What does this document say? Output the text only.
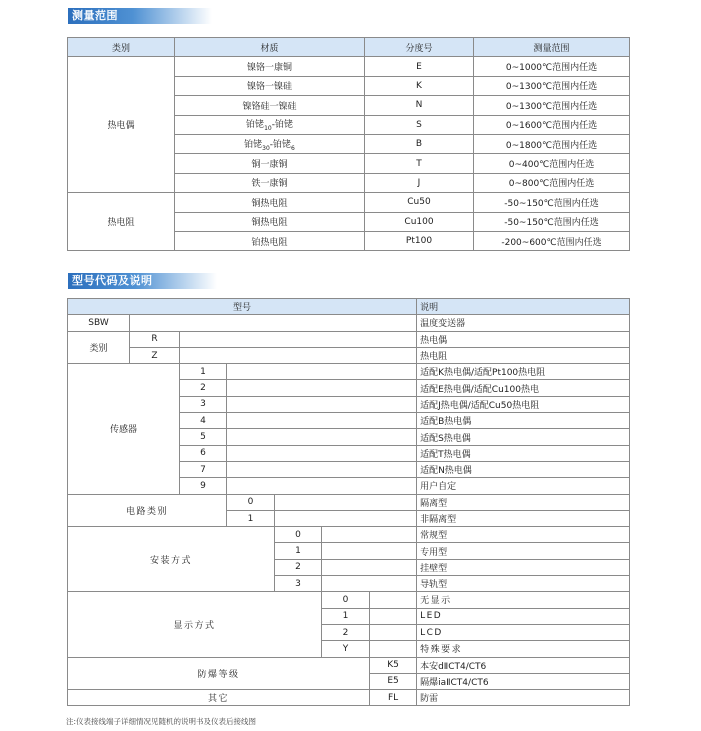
测量范围
类别	材质	分度号	测量范围
热电偶	镍铬一康铜	E	0~1000℃范围内任选
	镍铬一镍硅	K	0~1300℃范围内任选
	镍铬硅一镍硅	N	0~1300℃范围内任选
	铂铑$_{10}$-铂铑	S	0~1600℃范围内任选
	铂铑$_{30}$-铂铑$_6$	B	0~1800℃范围内任选
	铜一康铜	T	0~400℃范围内任选
	铁一康铜	J	0~800℃范围内任选
热电阻	铜热电阻	Cu50	-50~150℃范围内任选
	铜热电阻	Cu100	-50~150℃范围内任选
	铂热电阻	Pt100	-200~600℃范围内任选
型号代码及说明
型号							说明
SBW							温度变送器
类别	R						热电偶
	Z						热电阻
传感器		1					适配K热电偶/适配Pt100热电阻
		2					适配E热电偶/适配Cu100热电
		3					适配J热电偶/适配Cu50热电阻
		4					适配B热电偶
		5					适配S热电偶
		6					适配T热电偶
		7					适配N热电偶
		9					用户自定
电路类别			0				隔离型
			1				非隔离型
安装方式				0			常规型
				1			专用型
				2			挂壁型
				3			导轨型
显示方式					0		无显示
					1		LED
					2		LCD
					Y		特殊要求
防爆等级						K5	本安dⅡCT4/CT6
						E5	隔爆iaⅡCT4/CT6
其它						FL	防雷
注:仪表接线端子详细情况见随机的说明书及仪表后接线图
